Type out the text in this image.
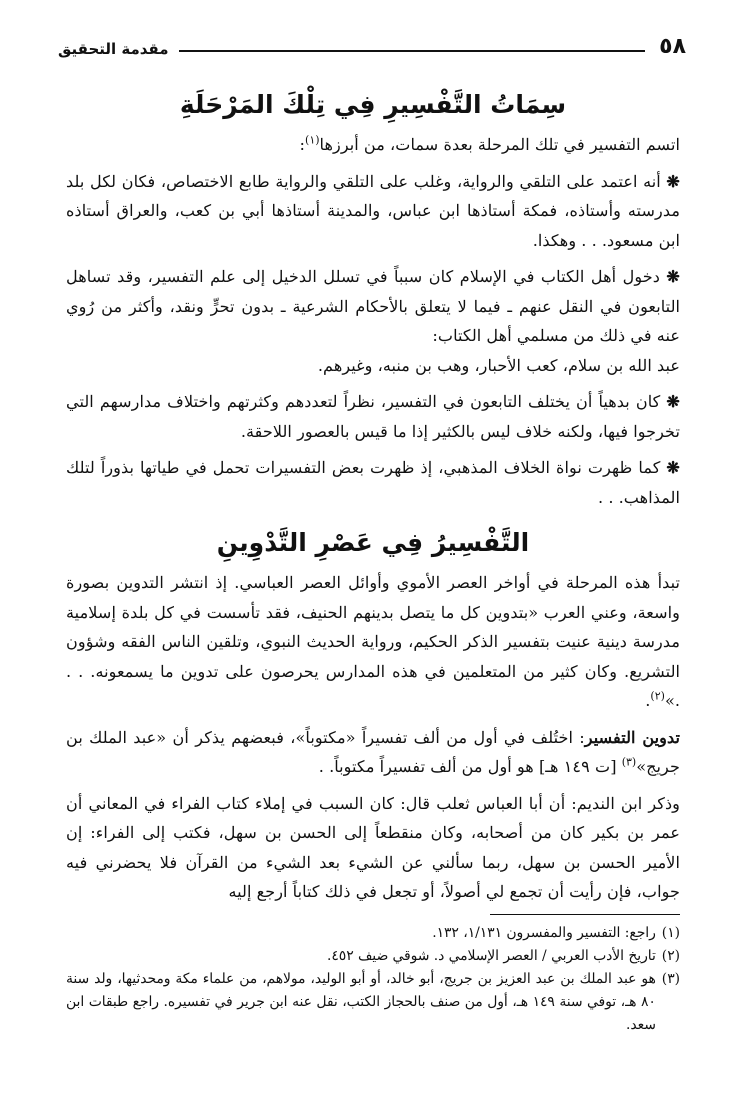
٥٨
مقدمة التحقيق
سِمَاتُ التَّفْسِيرِ فِي تِلْكَ المَرْحَلَةِ

اتسم التفسير في تلك المرحلة بعدة سمات، من أبرزها$^{(١)}$:

❋ أنه اعتمد على التلقي والرواية، وغلب على التلقي والرواية طابع الاختصاص، فكان لكل بلد مدرسته وأستاذه، فمكة أستاذها ابن عباس، والمدينة أستاذها أبي بن كعب، والعراق أستاذه ابن مسعود. . . وهكذا.

❋ دخول أهل الكتاب في الإسلام كان سبباً في تسلل الدخيل إلى علم التفسير، وقد تساهل التابعون في النقل عنهم ـ فيما لا يتعلق بالأحكام الشرعية ـ بدون تحرٍّ ونقد، وأكثر من رُوي عنه في ذلك من مسلمي أهل الكتاب:

عبد الله بن سلام، كعب الأحبار، وهب بن منبه، وغيرهم.

❋ كان بدهياً أن يختلف التابعون في التفسير، نظراً لتعددهم وكثرتهم واختلاف مدارسهم التي تخرجوا فيها، ولكنه خلاف ليس بالكثير إذا ما قيس بالعصور اللاحقة.

❋ كما ظهرت نواة الخلاف المذهبي، إذ ظهرت بعض التفسيرات تحمل في طياتها بذوراً لتلك المذاهب. . .

التَّفْسِيرُ فِي عَصْرِ التَّدْوِينِ

تبدأ هذه المرحلة في أواخر العصر الأموي وأوائل العصر العباسي. إذ انتشر التدوين بصورة واسعة، وعني العرب «بتدوين كل ما يتصل بدينهم الحنيف، فقد تأسست في كل بلدة إسلامية مدرسة دينية عنيت بتفسير الذكر الحكيم، ورواية الحديث النبوي، وتلقين الناس الفقه وشؤون التشريع. وكان كثير من المتعلمين في هذه المدارس يحرصون على تدوين ما يسمعونه. . . .»$^{(٢)}$.

تدوين التفسير: اختُلف في أول من ألف تفسيراً «مكتوباً»، فبعضهم يذكر أن «عبد الملك بن جريج»$^{(٣)}$ [ت ١٤٩ هـ] هو أول من ألف تفسيراً مكتوباً. .

وذكر ابن النديم: أن أبا العباس ثعلب قال: كان السبب في إملاء كتاب الفراء في المعاني أن عمر بن بكير كان من أصحابه، وكان منقطعاً إلى الحسن بن سهل، فكتب إلى الفراء: إن الأمير الحسن بن سهل، ربما سألني عن الشيء بعد الشيء من القرآن فلا يحضرني فيه جواب، فإن رأيت أن تجمع لي أصولاً، أو تجعل في ذلك كتاباً أرجع إليه

(١)
راجع: التفسير والمفسرون ١/١٣١، ١٣٢.
(٢)
تاريخ الأدب العربي / العصر الإسلامي د. شوقي ضيف ٤٥٢.
(٣)
هو عبد الملك بن عبد العزيز بن جريج، أبو خالد، أو أبو الوليد، مولاهم، من علماء مكة ومحدثيها، ولد سنة ٨٠ هـ، توفي سنة ١٤٩ هـ، أول من صنف بالحجاز الكتب، نقل عنه ابن جرير في تفسيره. راجع طبقات ابن سعد.
